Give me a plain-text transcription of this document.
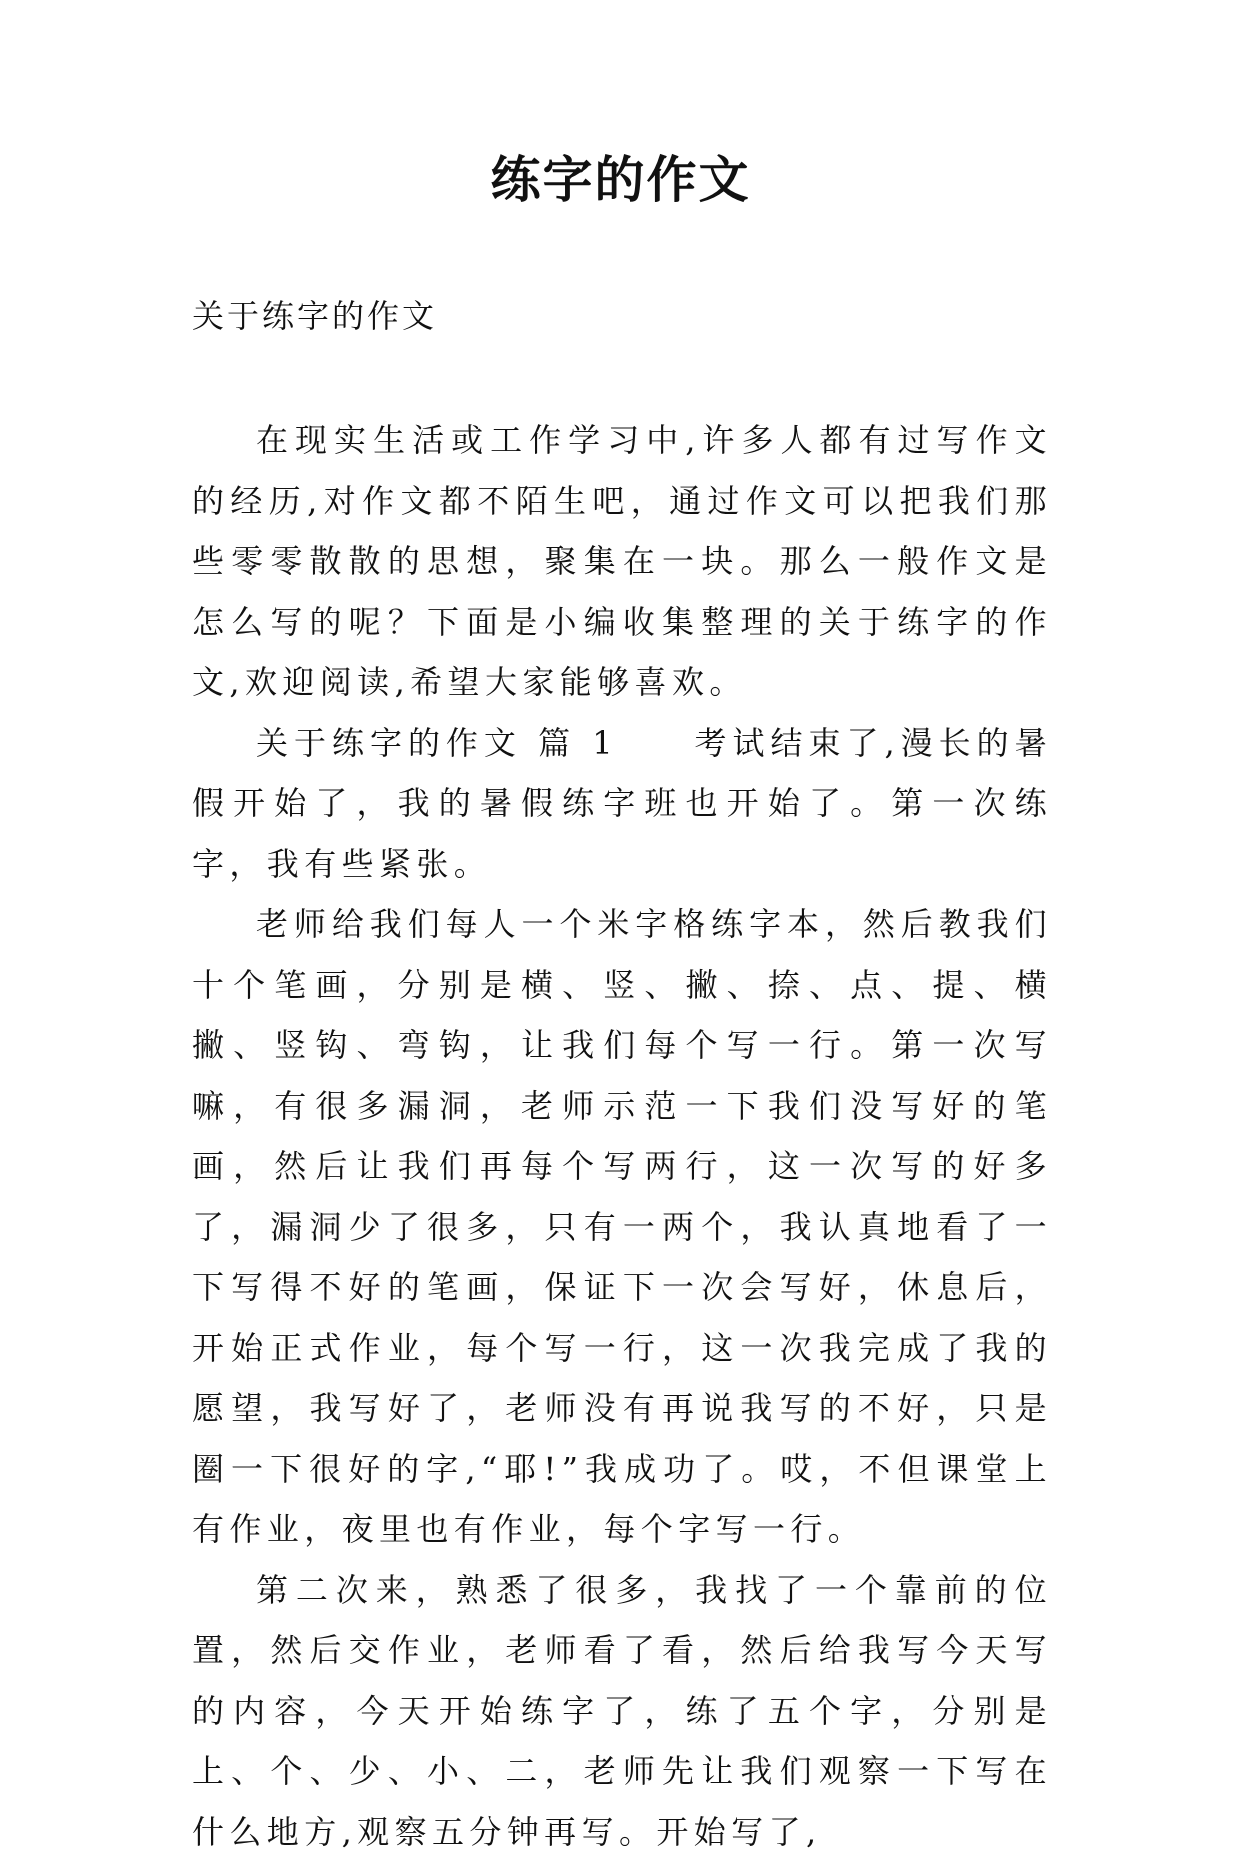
练字的作文
关于练字的作文

在现实生活或工作学习中,许多人都有过写作文的经历,对作文都不陌生吧，通过作文可以把我们那些零零散散的思想，聚集在一块。那么一般作文是怎么写的呢？下面是小编收集整理的关于练字的作文,欢迎阅读,希望大家能够喜欢。

关于练字的作文 篇 1　　考试结束了,漫长的暑假开始了，我的暑假练字班也开始了。第一次练字，我有些紧张。

老师给我们每人一个米字格练字本，然后教我们十个笔画，分别是横、竖、撇、捺、点、提、横撇、竖钩、弯钩，让我们每个写一行。第一次写嘛，有很多漏洞，老师示范一下我们没写好的笔画，然后让我们再每个写两行，这一次写的好多了，漏洞少了很多，只有一两个，我认真地看了一下写得不好的笔画，保证下一次会写好，休息后，开始正式作业，每个写一行，这一次我完成了我的愿望，我写好了，老师没有再说我写的不好，只是圈一下很好的字,“耶!”我成功了。哎，不但课堂上有作业，夜里也有作业，每个字写一行。

第二次来，熟悉了很多，我找了一个靠前的位置，然后交作业，老师看了看，然后给我写今天写的内容，今天开始练字了，练了五个字，分别是上、个、少、小、二，老师先让我们观察一下写在什么地方,观察五分钟再写。开始写了,
